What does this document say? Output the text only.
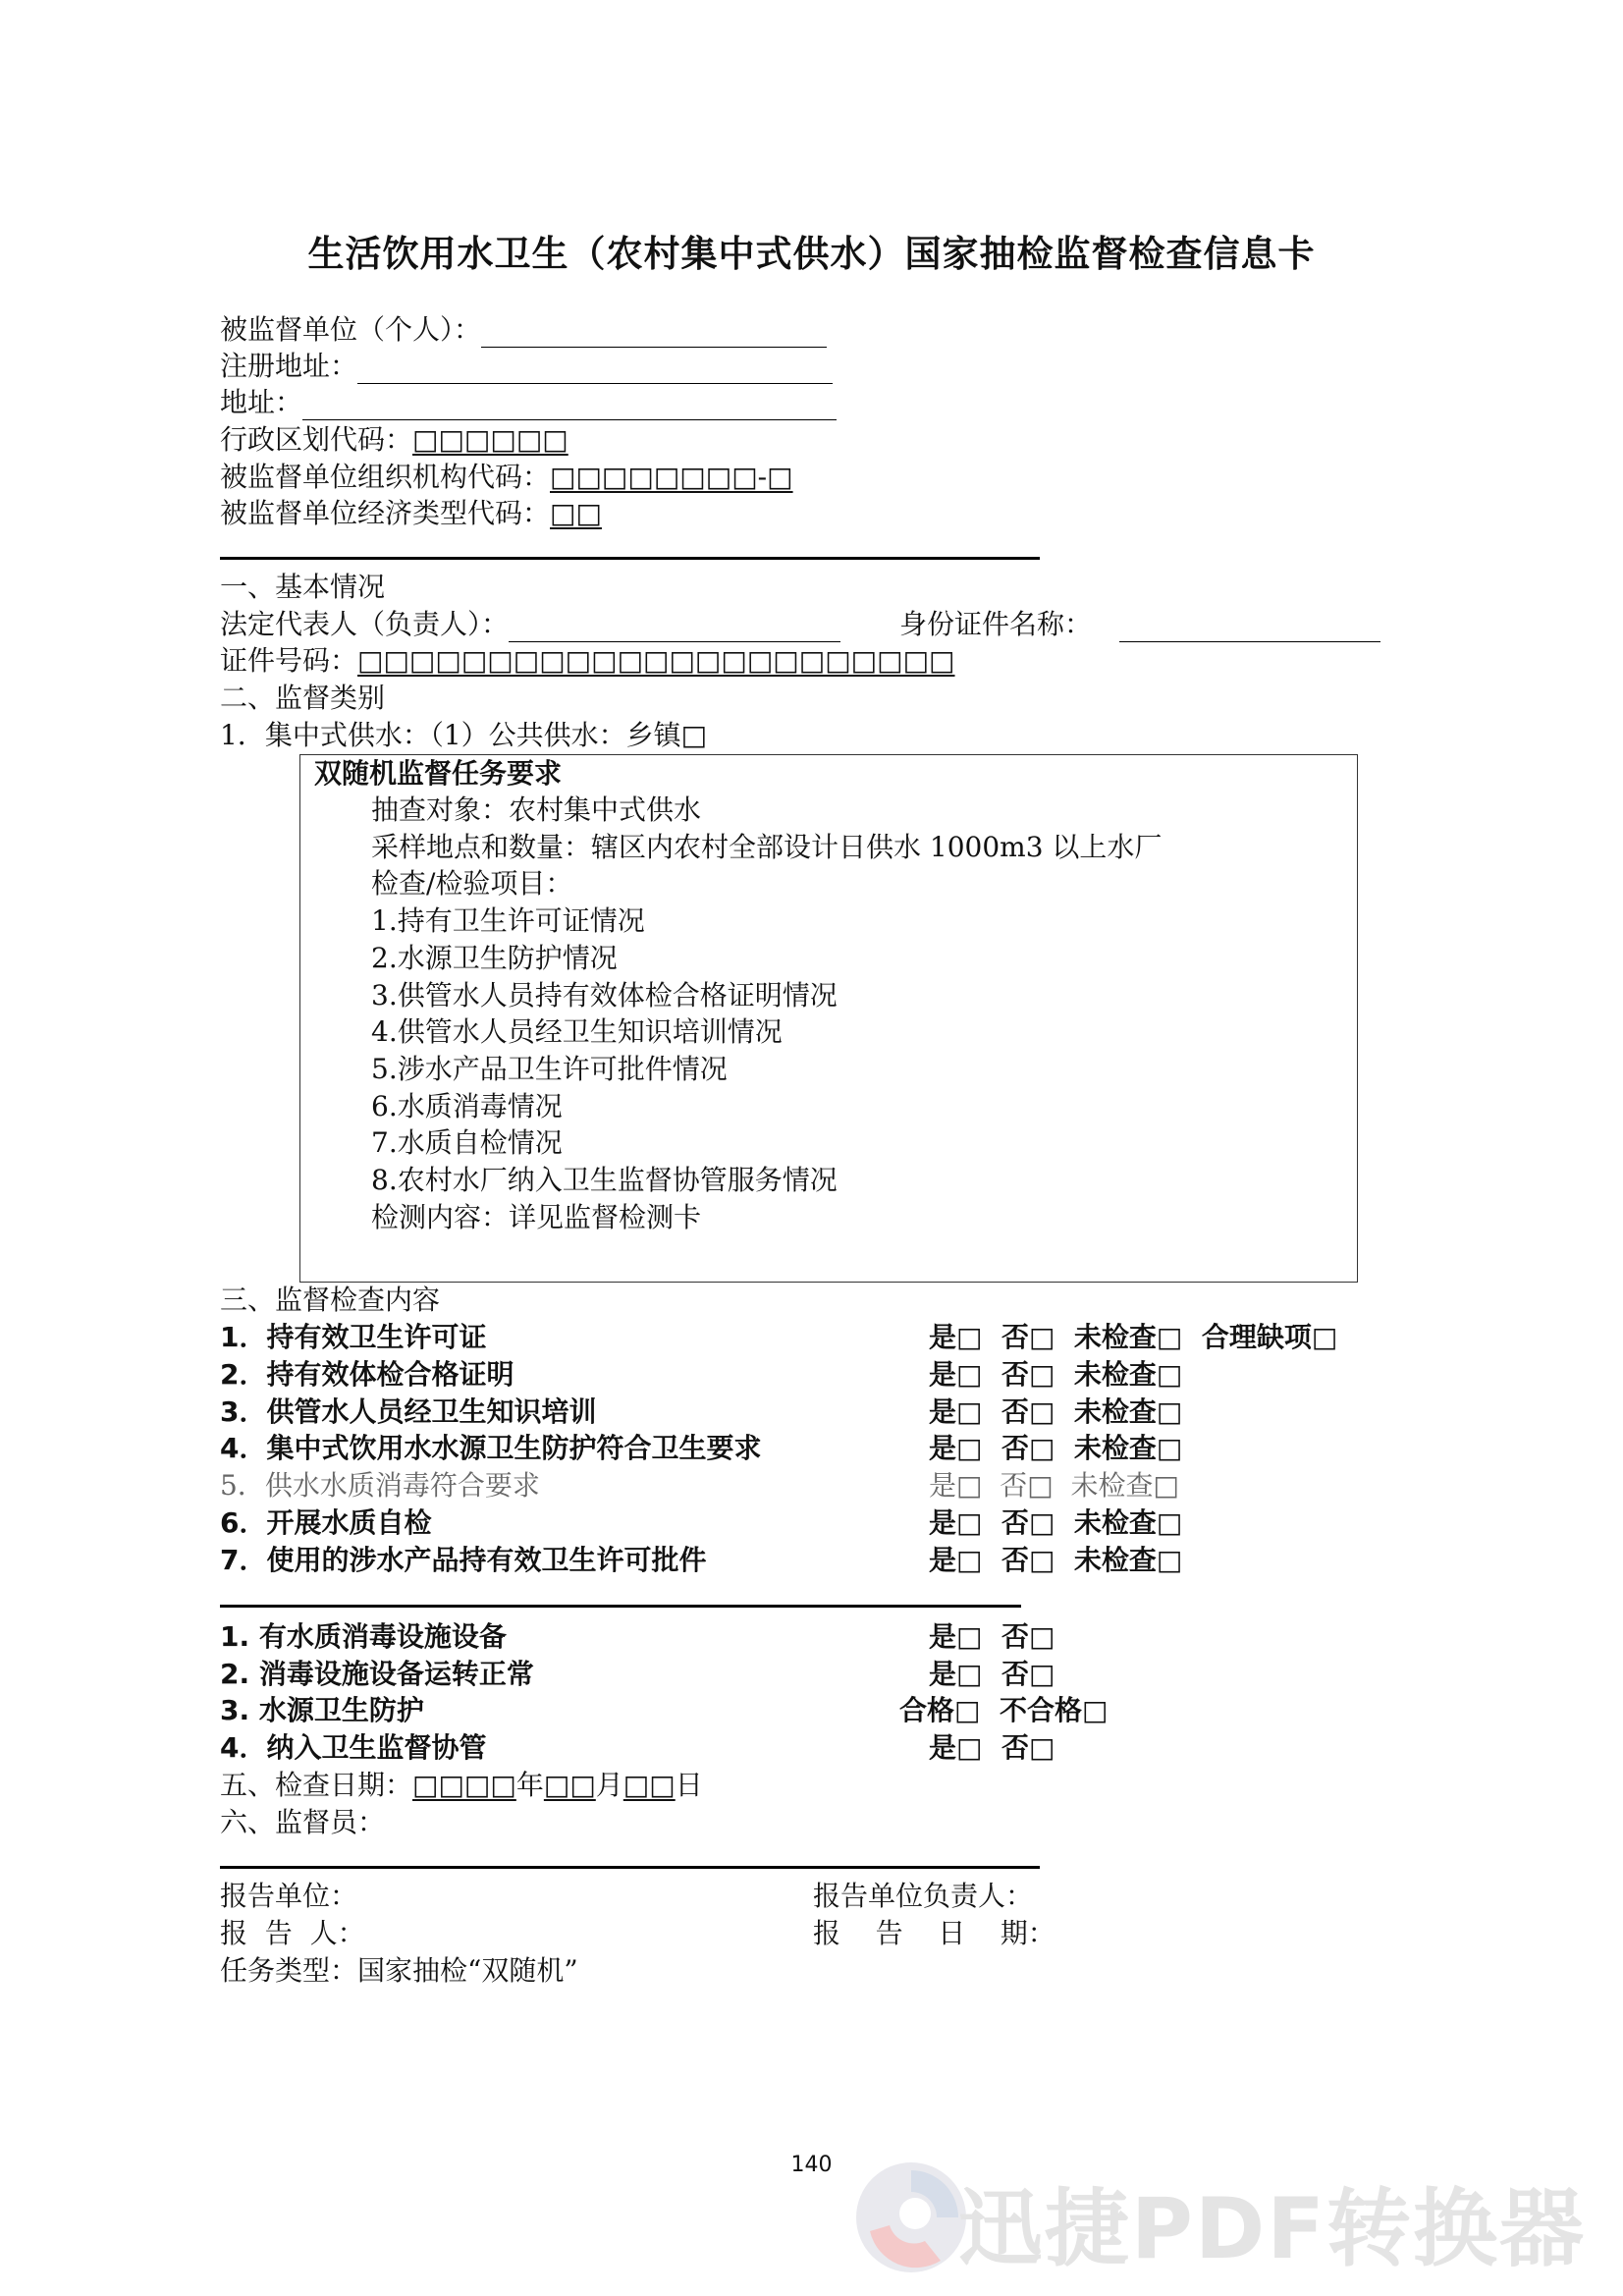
生活饮用水卫生（农村集中式供水）国家抽检监督检查信息卡
被监督单位（个人）：
注册地址：
地址：
行政区划代码：□□□□□□
被监督单位组织机构代码：□□□□□□□□-□
被监督单位经济类型代码：□□
一、基本情况
法定代表人（负责人）：	身份证件名称：
证件号码：□□□□□□□□□□□□□□□□□□□□□□□
二、监督类别
1．集中式供水：（1）公共供水：乡镇□
双随机监督任务要求
抽查对象：农村集中式供水
采样地点和数量：辖区内农村全部设计日供水 1000m3 以上水厂
检查/检验项目：
1.持有卫生许可证情况
2.水源卫生防护情况
3.供管水人员持有效体检合格证明情况
4.供管水人员经卫生知识培训情况
5.涉水产品卫生许可批件情况
6.水质消毒情况
7.水质自检情况
8.农村水厂纳入卫生监督协管服务情况
检测内容：详见监督检测卡
三、监督检查内容
1．持有效卫生许可证	是□  否□  未检查□  合理缺项□
2．持有效体检合格证明	是□  否□  未检查□
3．供管水人员经卫生知识培训	是□  否□  未检查□
4．集中式饮用水水源卫生防护符合卫生要求	是□  否□  未检查□
5．供水水质消毒符合要求	是□  否□  未检查□
6．开展水质自检	是□  否□  未检查□
7．使用的涉水产品持有效卫生许可批件	是□  否□  未检查□
1. 有水质消毒设施设备	是□  否□
2. 消毒设施设备运转正常	是□  否□
3. 水源卫生防护	合格□  不合格□
4．纳入卫生监督协管	是□  否□
五、检查日期：□□□□年□□月□□日
六、监督员：
报告单位：	报告单位负责人：
报  告  人：	报    告    日    期：
任务类型：国家抽检“双随机”
140
迅捷PDF转换器
